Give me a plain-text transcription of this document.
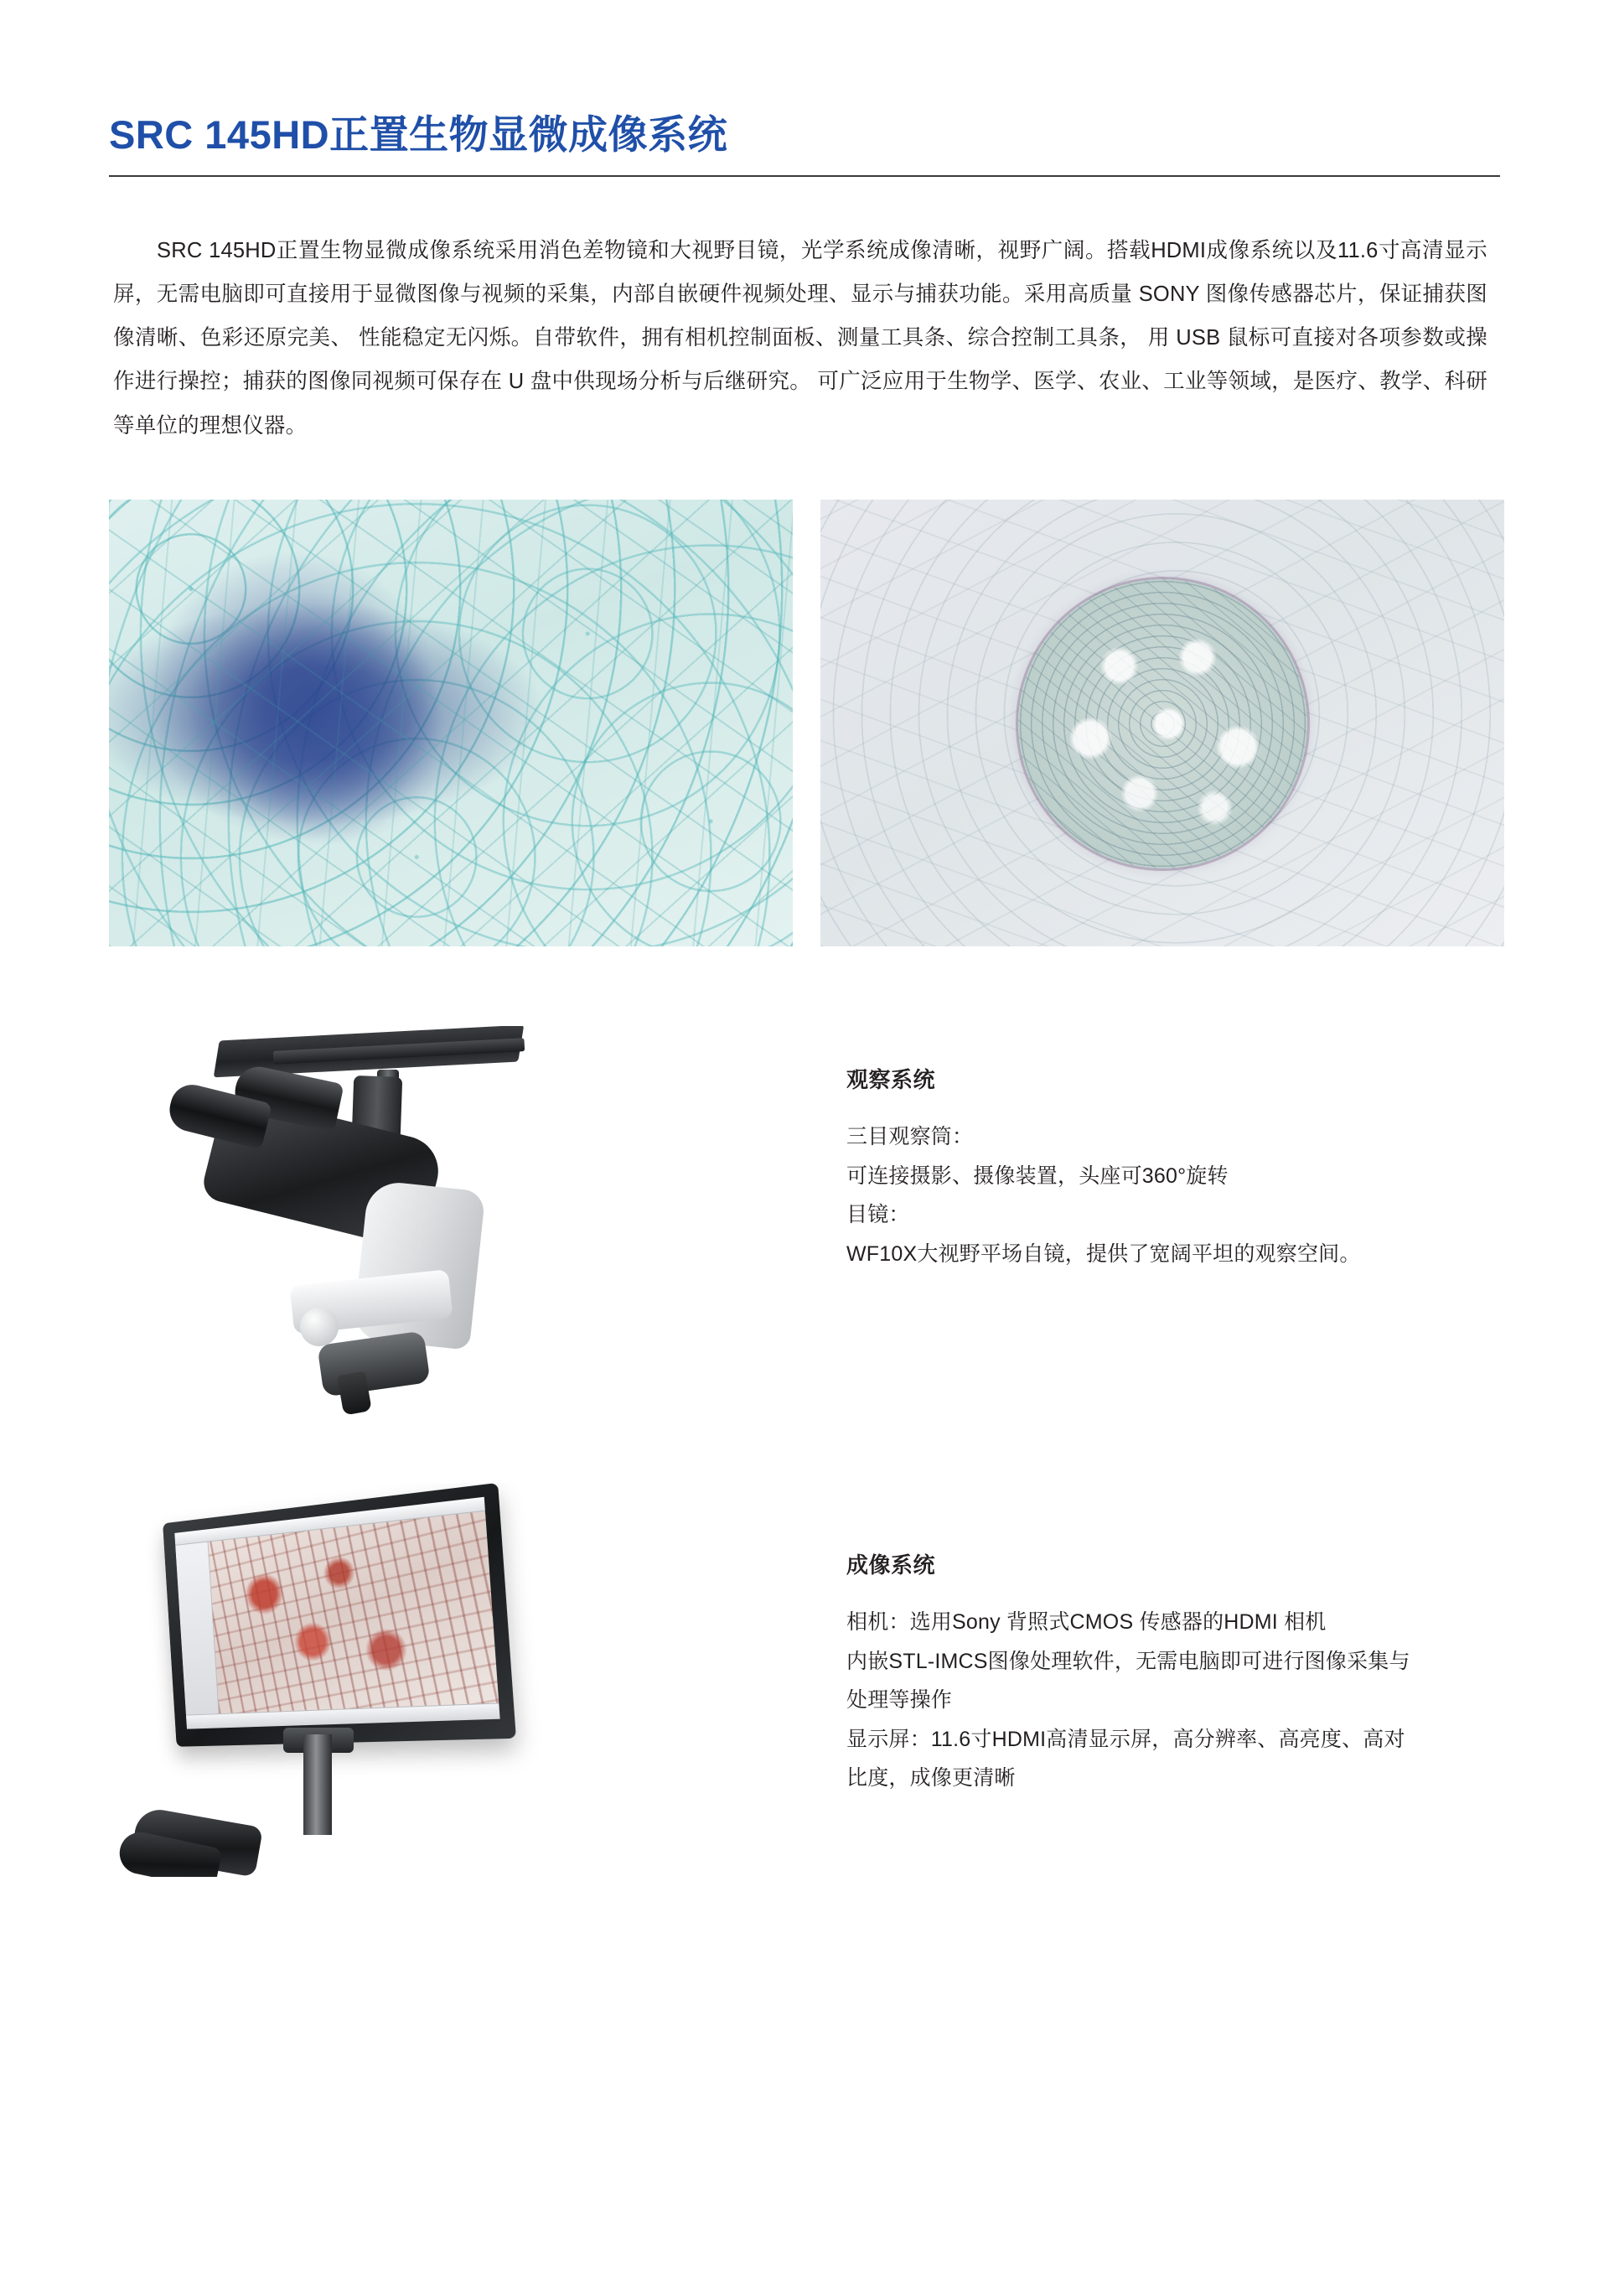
SRC 145HD正置生物显微成像系统

SRC 145HD正置生物显微成像系统采用消色差物镜和大视野目镜，光学系统成像清晰，视野广阔。搭载HDMI成像系统以及11.6寸高清显示屏，无需电脑即可直接用于显微图像与视频的采集，内部自嵌硬件视频处理、显示与捕获功能。采用高质量 SONY 图像传感器芯片，保证捕获图像清晰、色彩还原完美、 性能稳定无闪烁。自带软件，拥有相机控制面板、测量工具条、综合控制工具条， 用 USB 鼠标可直接对各项参数或操作进行操控；捕获的图像同视频可保存在 U 盘中供现场分析与后继研究。 可广泛应用于生物学、医学、农业、工业等领域，是医疗、教学、科研等单位的理想仪器。

观察系统

三目观察筒：

可连接摄影、摄像装置，头座可360°旋转

目镜：

WF10X大视野平场自镜，提供了宽阔平坦的观察空间。

成像系统

相机：选用Sony 背照式CMOS 传感器的HDMI 相机

内嵌STL-IMCS图像处理软件，无需电脑即可进行图像采集与处理等操作

显示屏：11.6寸HDMI高清显示屏，高分辨率、高亮度、高对比度，成像更清晰
